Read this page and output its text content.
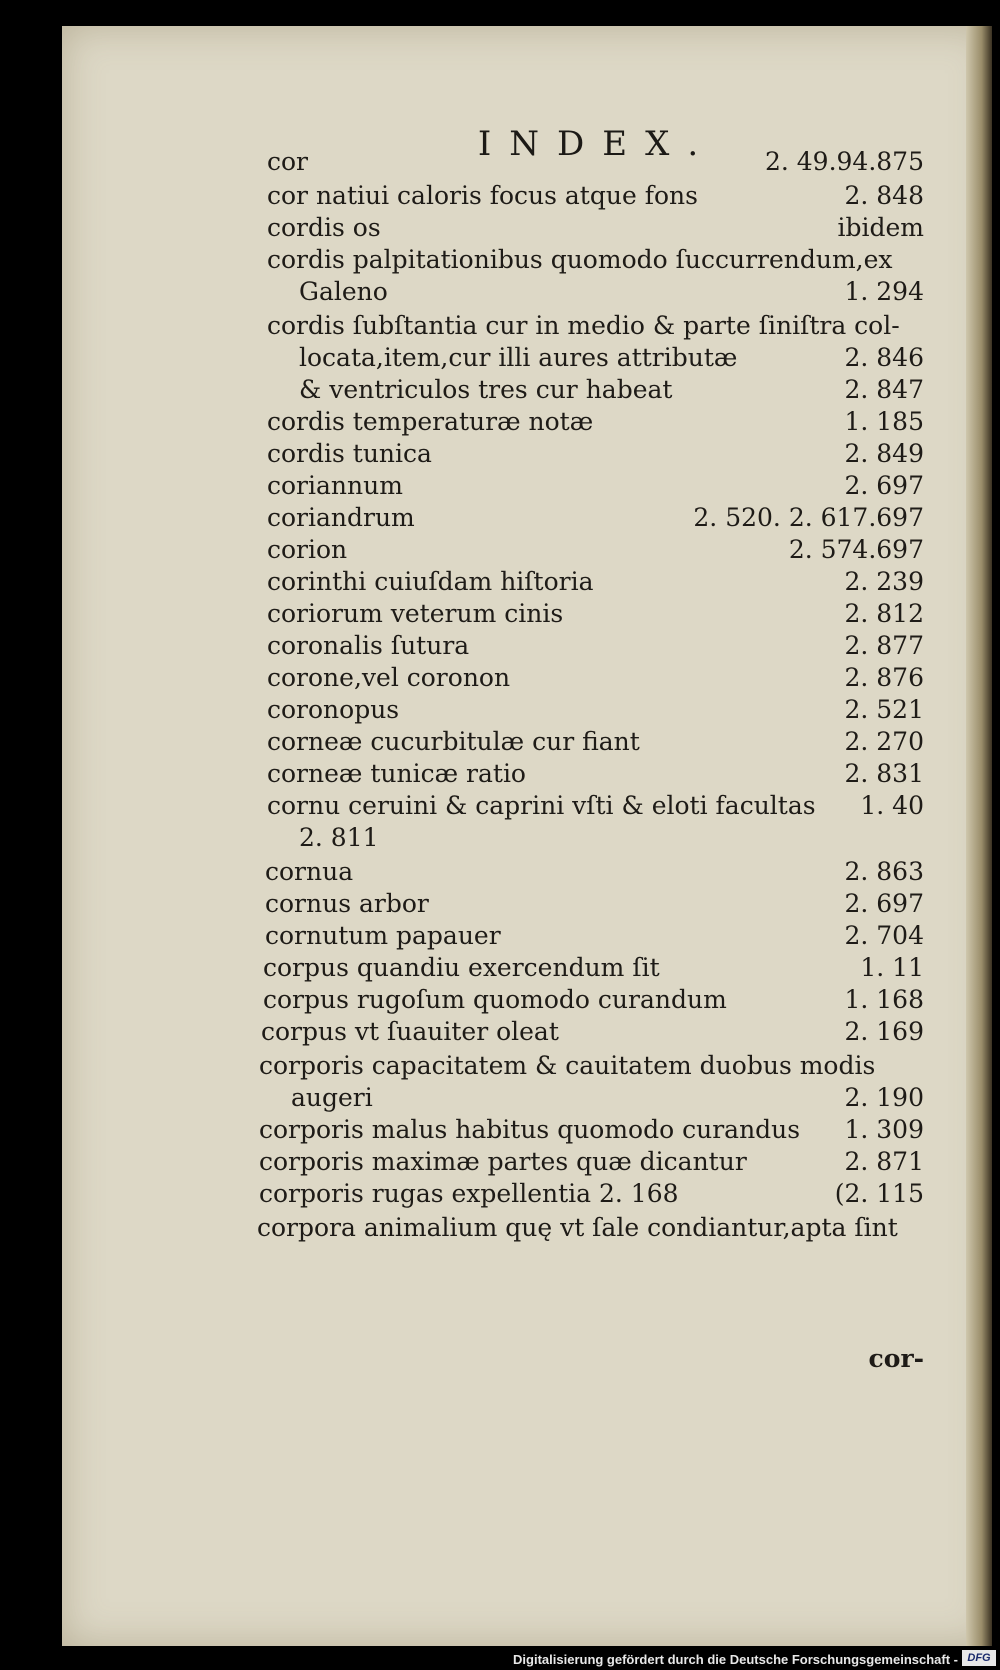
INDEX.
cor-
cor	2. 49.94.875
cor natiui caloris focus atque fons	2. 848
cordis os	ibidem
cordis palpitationibus quomodo ſuccurrendum,ex
Galeno	1. 294
cordis ſubſtantia cur in medio & parte ſiniſtra col-
locata,item,cur illi aures attributæ	2. 846
& ventriculos tres cur habeat	2. 847
cordis temperaturæ notæ	1. 185
cordis tunica	2. 849
coriannum	2. 697
coriandrum	2. 520. 2. 617.697
corion	2. 574.697
corinthi cuiuſdam hiſtoria	2. 239
coriorum veterum cinis	2. 812
coronalis ſutura	2. 877
corone,vel coronon	2. 876
coronopus	2. 521
corneæ cucurbitulæ cur fiant	2. 270
corneæ tunicæ ratio	2. 831
cornu ceruini & caprini vſti & eloti facultas 1. 40
2. 811
cornua	2. 863
cornus arbor	2. 697
cornutum papauer	2. 704
corpus quandiu exercendum ſit	1. 11
corpus rugoſum quomodo curandum	1. 168
corpus vt ſuauiter oleat	2. 169
corporis capacitatem & cauitatem duobus modis
augeri	2. 190
corporis malus habitus quomodo curandus 1. 309
corporis maximæ partes quæ dicantur	2. 871
corporis rugas expellentia 2. 168	(2. 115
corpora animalium quę vt ſale condiantur,apta ſint
Digitalisierung gefördert durch die Deutsche Forschungsgemeinschaft - DFG
